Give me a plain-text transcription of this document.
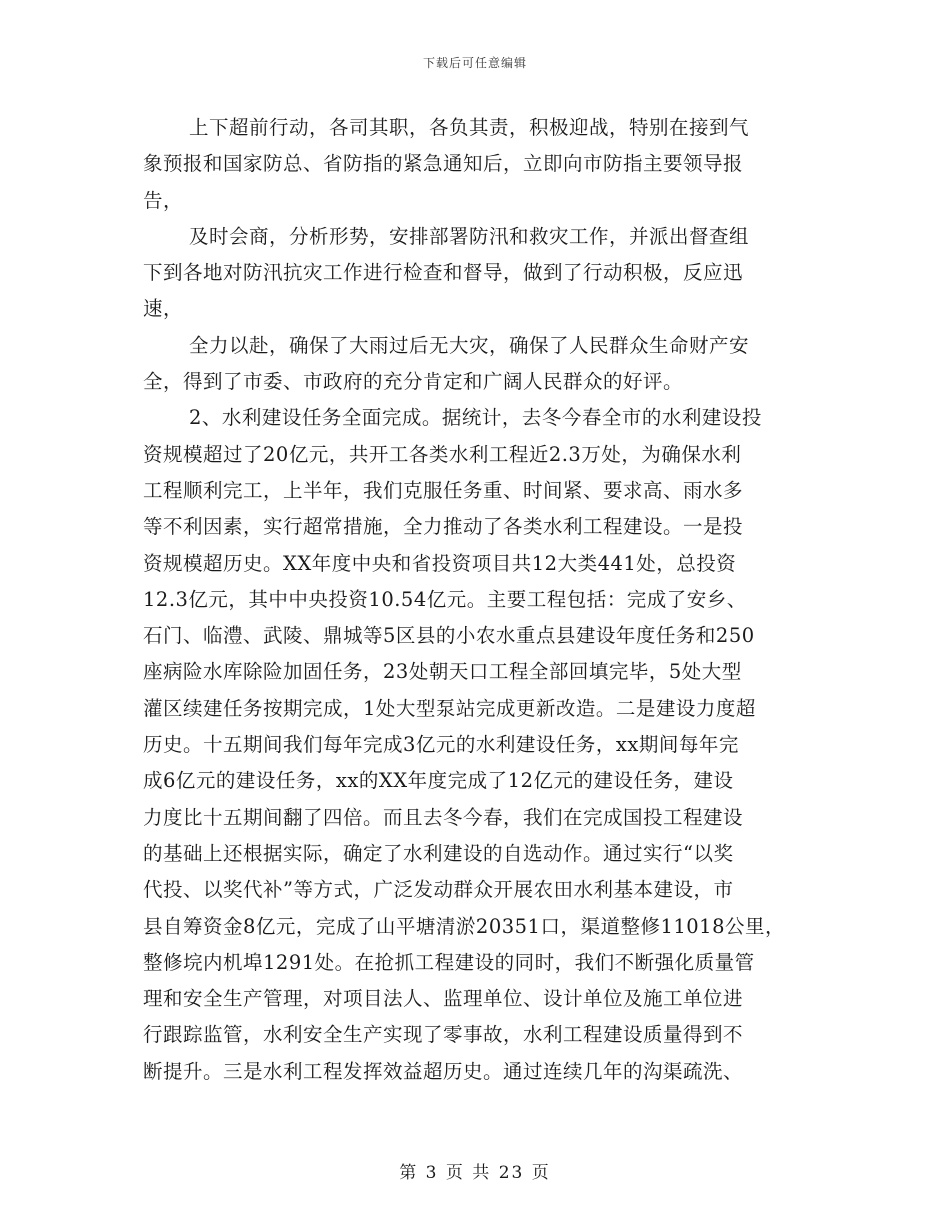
下载后可任意编辑
上下超前行动，各司其职，各负其责，积极迎战，特别在接到气
象预报和国家防总、省防指的紧急通知后，立即向市防指主要领导报
告，
及时会商，分析形势，安排部署防汛和救灾工作，并派出督查组
下到各地对防汛抗灾工作进行检查和督导，做到了行动积极，反应迅
速，
全力以赴，确保了大雨过后无大灾，确保了人民群众生命财产安
全，得到了市委、市政府的充分肯定和广阔人民群众的好评。
2、水利建设任务全面完成。据统计，去冬今春全市的水利建设投
资规模超过了20亿元，共开工各类水利工程近2.3万处，为确保水利
工程顺利完工，上半年，我们克服任务重、时间紧、要求高、雨水多
等不利因素，实行超常措施，全力推动了各类水利工程建设。一是投
资规模超历史。XX年度中央和省投资项目共12大类441处，总投资
12.3亿元，其中中央投资10.54亿元。主要工程包括：完成了安乡、
石门、临澧、武陵、鼎城等5区县的小农水重点县建设年度任务和250
座病险水库除险加固任务，23处朝天口工程全部回填完毕，5处大型
灌区续建任务按期完成，1处大型泵站完成更新改造。二是建设力度超
历史。十五期间我们每年完成3亿元的水利建设任务，xx期间每年完
成6亿元的建设任务，xx的XX年度完成了12亿元的建设任务，建设
力度比十五期间翻了四倍。而且去冬今春，我们在完成国投工程建设
的基础上还根据实际，确定了水利建设的自选动作。通过实行“以奖
代投、以奖代补”等方式，广泛发动群众开展农田水利基本建设，市
县自筹资金8亿元，完成了山平塘清淤20351口，渠道整修11018公里，
整修垸内机埠1291处。在抢抓工程建设的同时，我们不断强化质量管
理和安全生产管理，对项目法人、监理单位、设计单位及施工单位进
行跟踪监管，水利安全生产实现了零事故，水利工程建设质量得到不
断提升。三是水利工程发挥效益超历史。通过连续几年的沟渠疏洗、
第 3 页 共 23 页
